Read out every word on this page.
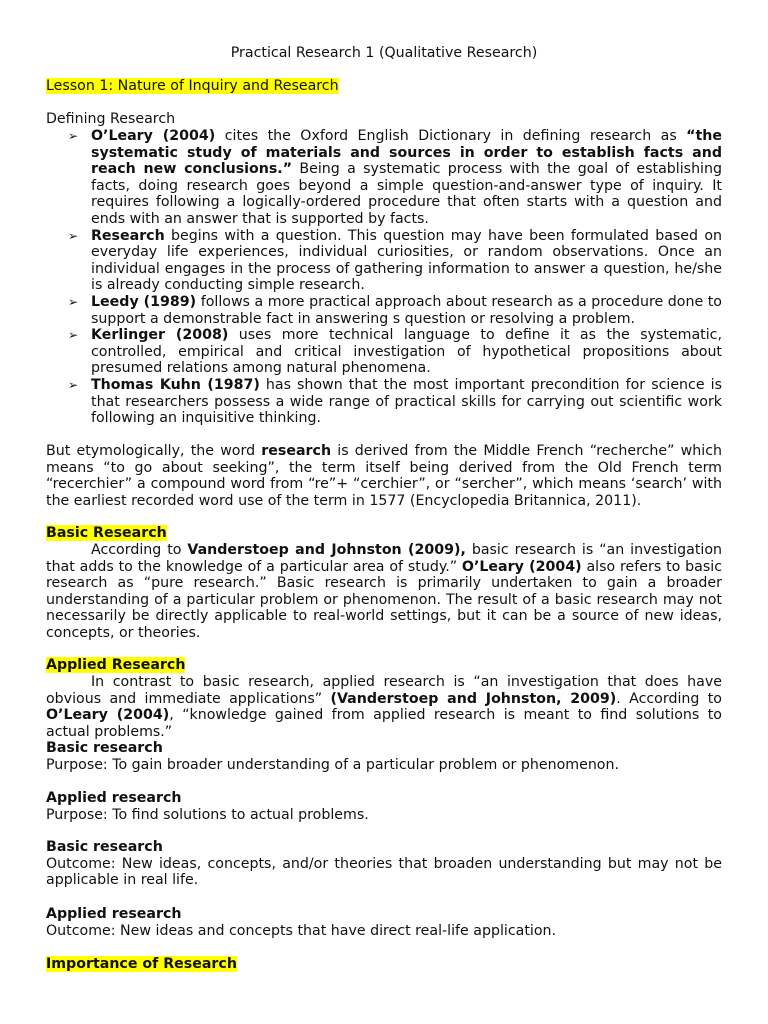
Practical Research 1 (Qualitative Research)

Lesson 1: Nature of Inquiry and Research

Defining Research

➢ O’Leary (2004) cites the Oxford English Dictionary in defining research as “the systematic study of materials and sources in order to establish facts and reach new conclusions.” Being a systematic process with the goal of establishing facts, doing research goes beyond a simple question-and-answer type of inquiry. It requires following a logically-ordered procedure that often starts with a question and ends with an answer that is supported by facts.
➢ Research begins with a question. This question may have been formulated based on everyday life experiences, individual curiosities, or random observations. Once an individual engages in the process of gathering information to answer a question, he/she is already conducting simple research.
➢ Leedy (1989) follows a more practical approach about research as a procedure done to support a demonstrable fact in answering s question or resolving a problem.
➢ Kerlinger (2008) uses more technical language to define it as the systematic, controlled, empirical and critical investigation of hypothetical propositions about presumed relations among natural phenomena.
➢ Thomas Kuhn (1987) has shown that the most important precondition for science is that researchers possess a wide range of practical skills for carrying out scientific work following an inquisitive thinking.

But etymologically, the word research is derived from the Middle French “recherche” which means “to go about seeking”, the term itself being derived from the Old French term “recerchier” a compound word from “re”+ “cerchier”, or “sercher”, which means ‘search’ with the earliest recorded word use of the term in 1577 (Encyclopedia Britannica, 2011).

Basic Research

According to Vanderstoep and Johnston (2009), basic research is “an investigation that adds to the knowledge of a particular area of study.” O’Leary (2004) also refers to basic research as “pure research.” Basic research is primarily undertaken to gain a broader understanding of a particular problem or phenomenon. The result of a basic research may not necessarily be directly applicable to real-world settings, but it can be a source of new ideas, concepts, or theories.

Applied Research

In contrast to basic research, applied research is “an investigation that does have obvious and immediate applications” (Vanderstoep and Johnston, 2009). According to O’Leary (2004), “knowledge gained from applied research is meant to find solutions to actual problems.”

Basic research

Purpose: To gain broader understanding of a particular problem or phenomenon.

Applied research

Purpose: To find solutions to actual problems.

Basic research

Outcome: New ideas, concepts, and/or theories that broaden understanding but may not be applicable in real life.

Applied research

Outcome: New ideas and concepts that have direct real-life application.

Importance of Research
